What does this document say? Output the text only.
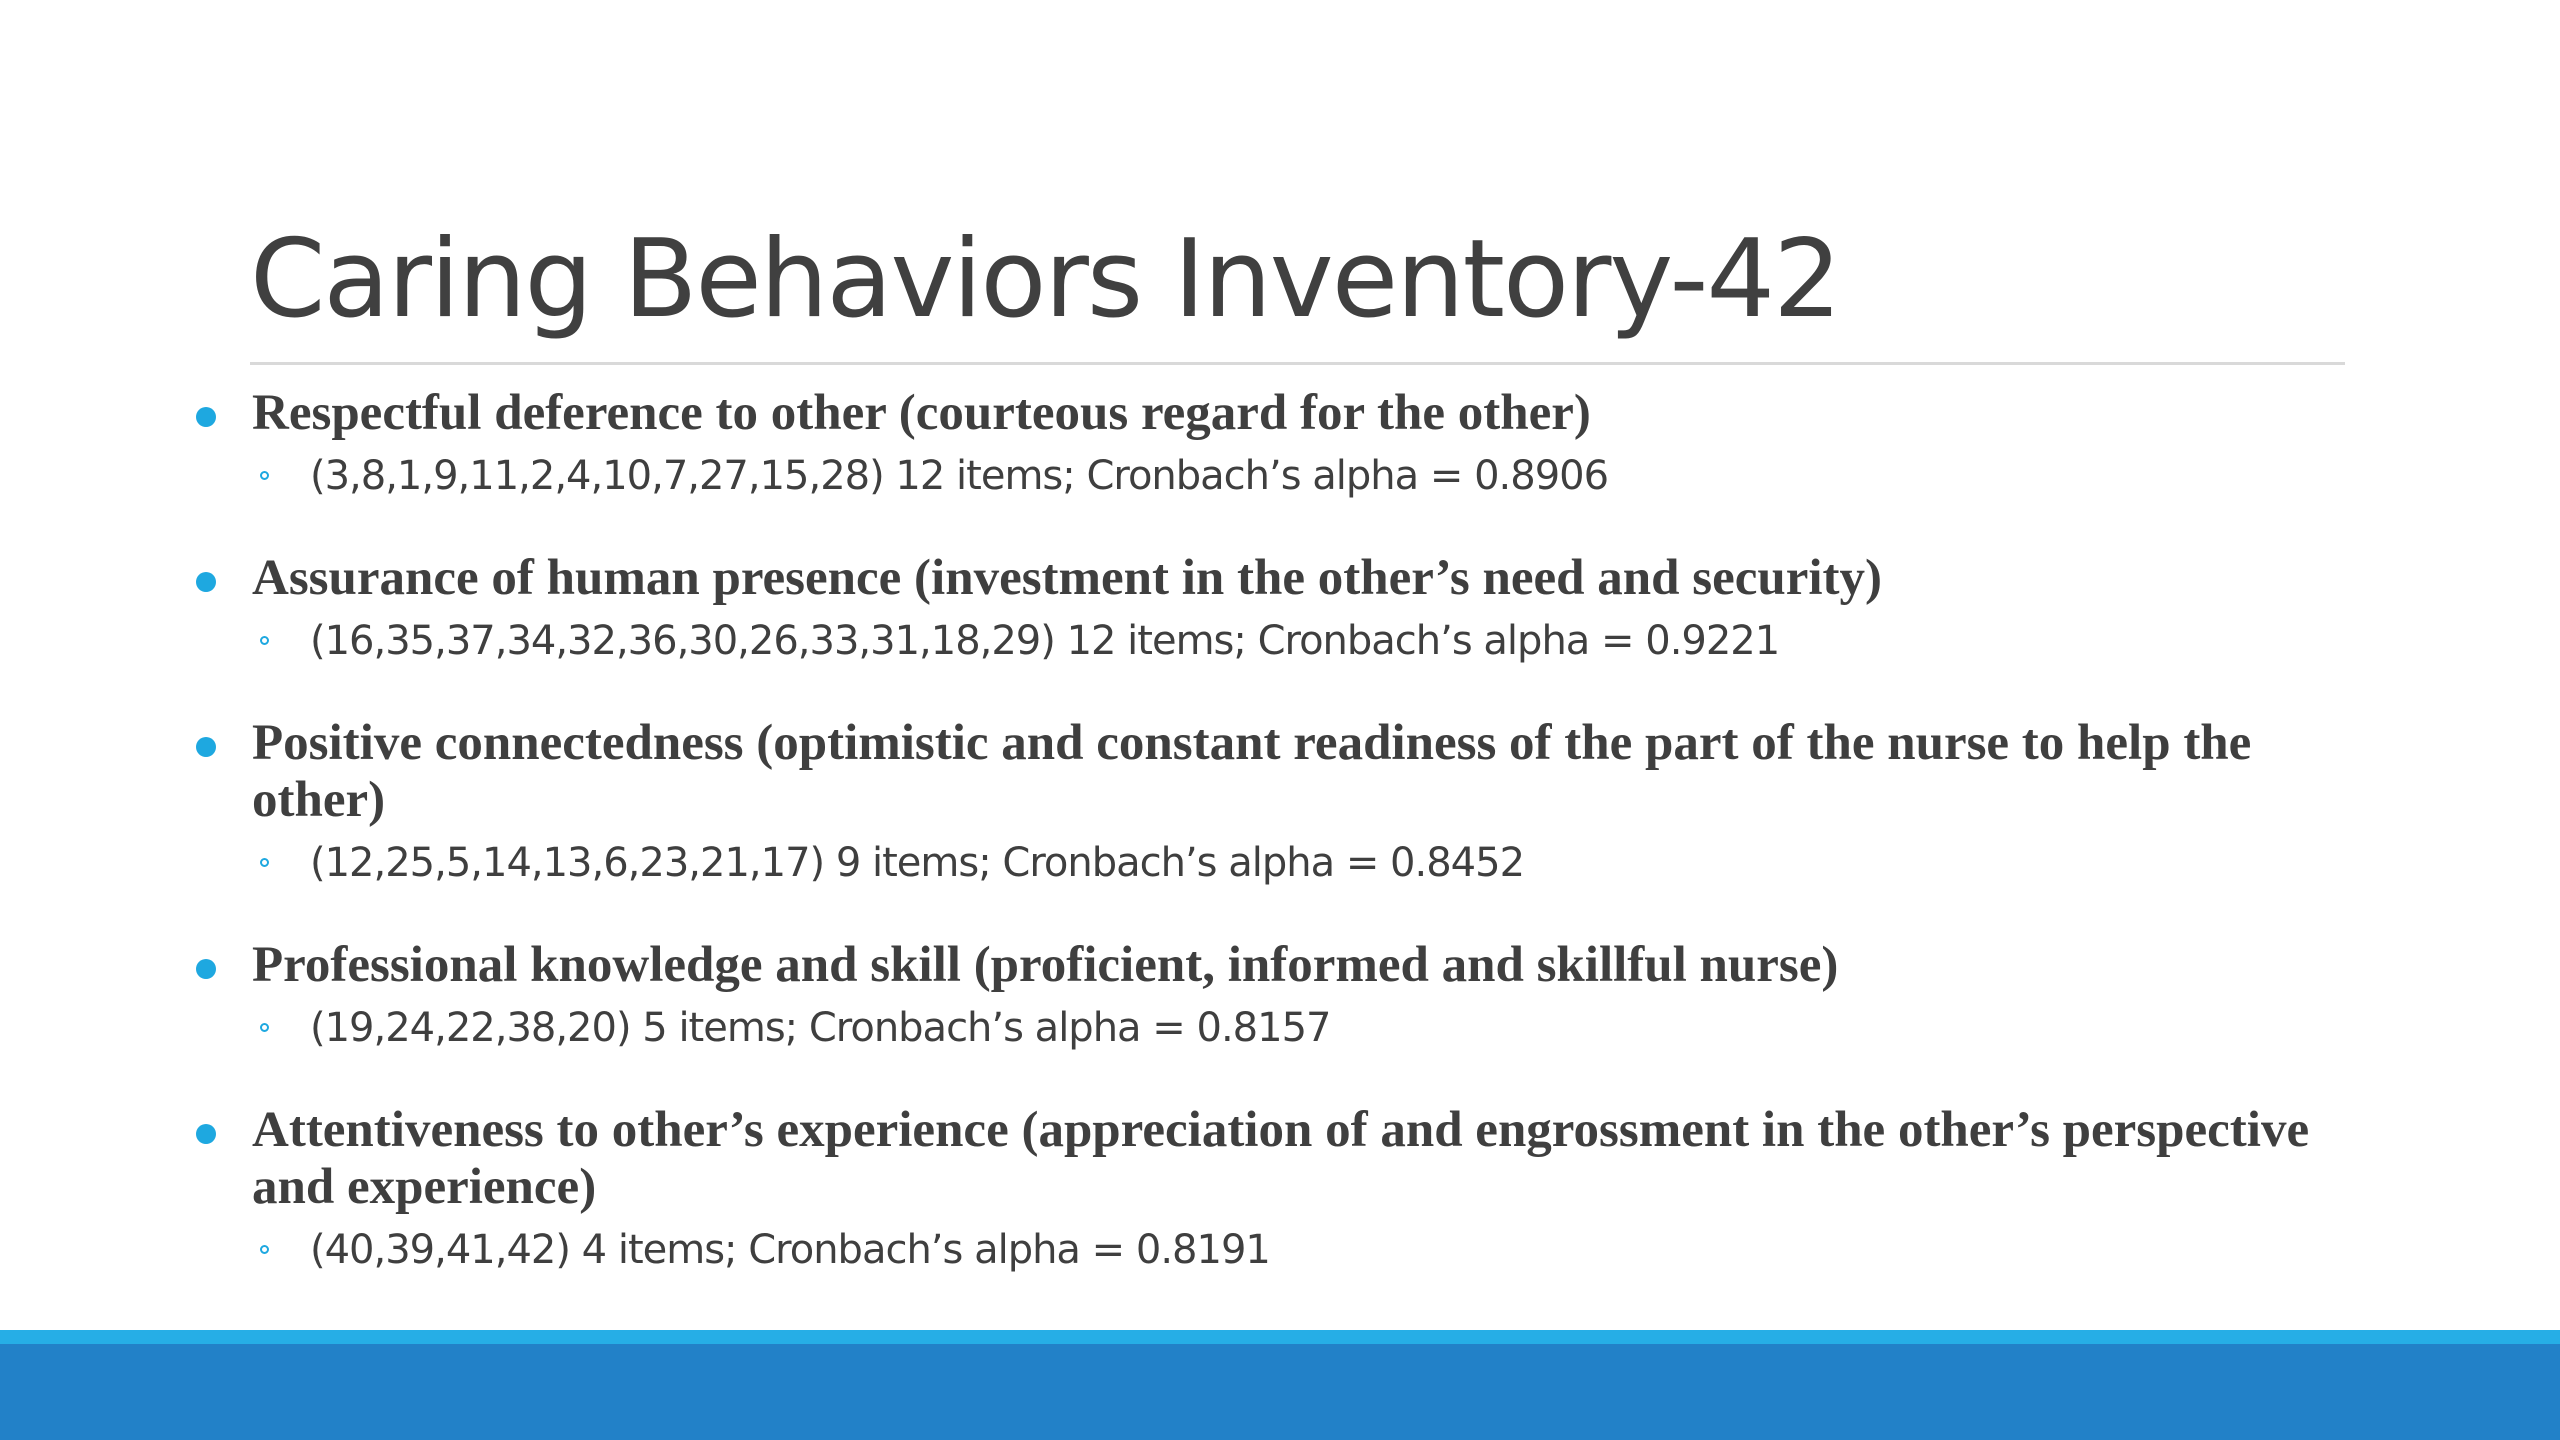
Caring Behaviors Inventory-42

Respectful deference to other (courteous regard for the other)

(3,8,1,9,11,2,4,10,7,27,15,28) 12 items; Cronbach’s alpha = 0.8906

Assurance of human presence (investment in the other’s need and security)

(16,35,37,34,32,36,30,26,33,31,18,29) 12 items; Cronbach’s alpha = 0.9221

Positive connectedness (optimistic and constant readiness of the part of the nurse to help the other)

(12,25,5,14,13,6,23,21,17) 9 items; Cronbach’s alpha = 0.8452

Professional knowledge and skill (proficient, informed and skillful nurse)

(19,24,22,38,20) 5 items; Cronbach’s alpha = 0.8157

Attentiveness to other’s experience (appreciation of and engrossment in the other’s perspective and experience)

(40,39,41,42) 4 items; Cronbach’s alpha = 0.8191
